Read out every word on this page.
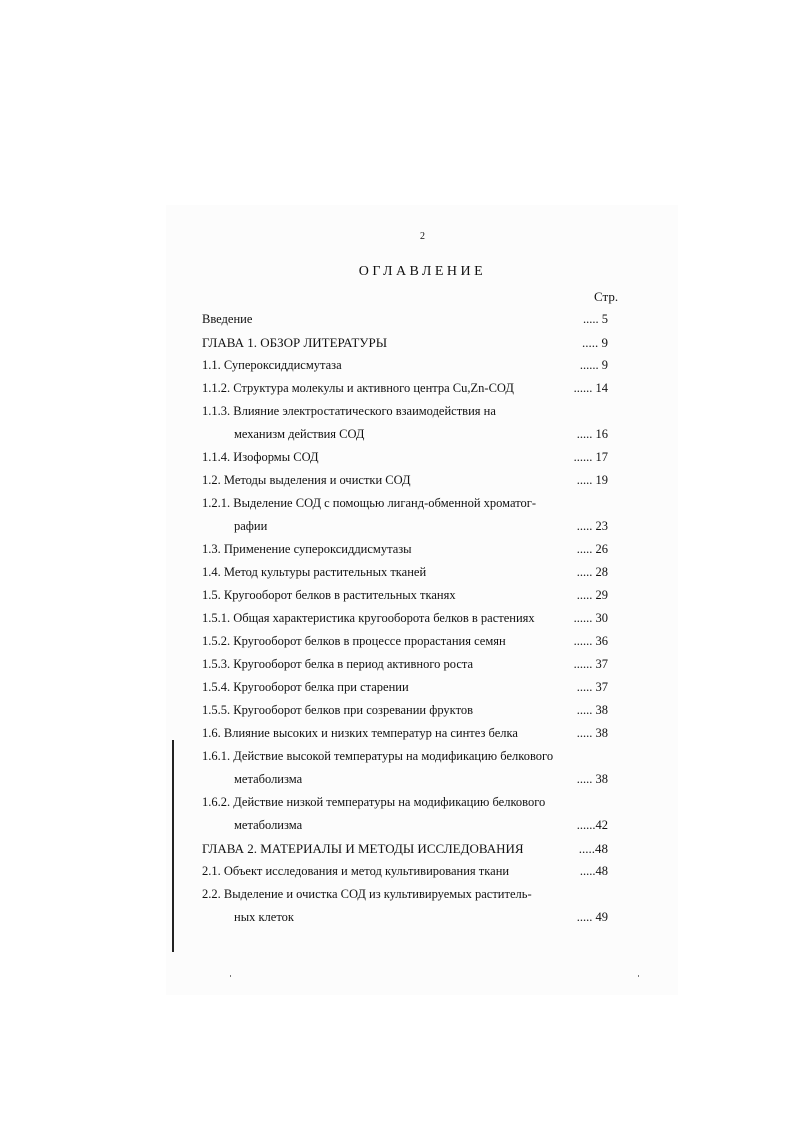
2
ОГЛАВЛЕНИЕ
Стр.
Введение	..... 5
ГЛАВА 1. ОБЗОР ЛИТЕРАТУРЫ	..... 9
1.1. Супероксиддисмутаза	...... 9
1.1.2. Структура молекулы и активного центра Cu,Zn-СОД	...... 14
1.1.3. Влияние электростатического взаимодействия на
механизм действия СОД	..... 16
1.1.4. Изоформы СОД	...... 17
1.2. Методы выделения и очистки СОД	..... 19
1.2.1. Выделение СОД с помощью лиганд-обменной хроматог-
рафии	..... 23
1.3. Применение супероксиддисмутазы	..... 26
1.4. Метод культуры растительных тканей	..... 28
1.5. Кругооборот белков в растительных тканях	..... 29
1.5.1. Общая характеристика кругооборота белков в растениях	...... 30
1.5.2. Кругооборот белков в процессе прорастания семян	...... 36
1.5.3. Кругооборот белка в период активного роста	...... 37
1.5.4. Кругооборот белка при старении	..... 37
1.5.5. Кругооборот белков при созревании фруктов	..... 38
1.6. Влияние высоких и низких температур на синтез белка	..... 38
1.6.1. Действие высокой температуры на модификацию белкового
метаболизма	..... 38
1.6.2. Действие низкой температуры на модификацию белкового
метаболизма	......42
ГЛАВА 2. МАТЕРИАЛЫ И МЕТОДЫ ИССЛЕДОВАНИЯ	.....48
2.1. Объект исследования и метод культивирования ткани	.....48
2.2. Выделение и очистка СОД из культивируемых раститель-
ных клеток	..... 49
